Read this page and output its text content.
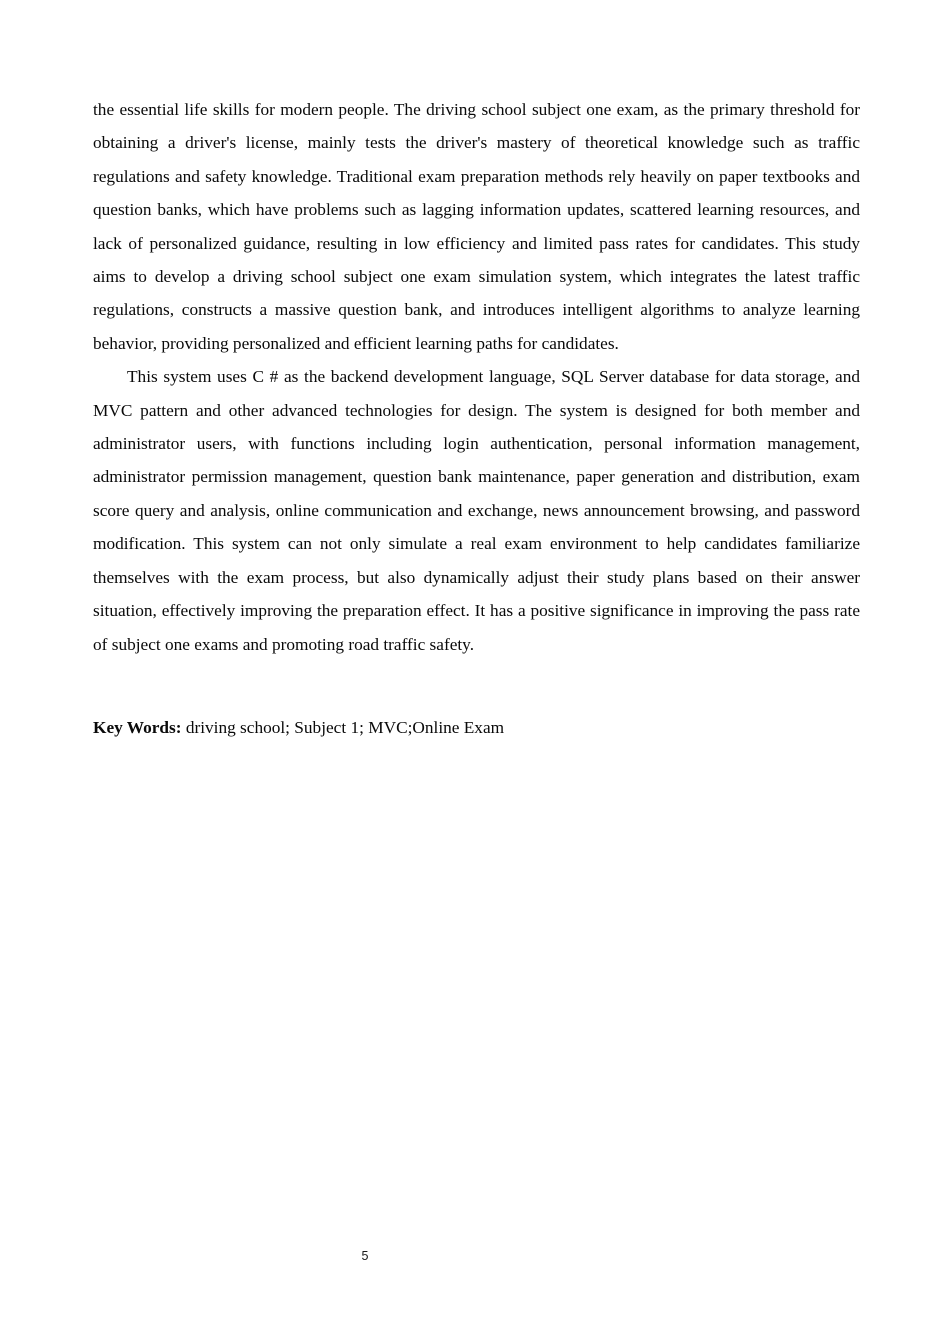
the essential life skills for modern people. The driving school subject one exam, as the primary threshold for obtaining a driver's license, mainly tests the driver's mastery of theoretical knowledge such as traffic regulations and safety knowledge. Traditional exam preparation methods rely heavily on paper textbooks and question banks, which have problems such as lagging information updates, scattered learning resources, and lack of personalized guidance, resulting in low efficiency and limited pass rates for candidates. This study aims to develop a driving school subject one exam simulation system, which integrates the latest traffic regulations, constructs a massive question bank, and introduces intelligent algorithms to analyze learning behavior, providing personalized and efficient learning paths for candidates.

This system uses C # as the backend development language, SQL Server database for data storage, and MVC pattern and other advanced technologies for design. The system is designed for both member and administrator users, with functions including login authentication, personal information management, administrator permission management, question bank maintenance, paper generation and distribution, exam score query and analysis, online communication and exchange, news announcement browsing, and password modification. This system can not only simulate a real exam environment to help candidates familiarize themselves with the exam process, but also dynamically adjust their study plans based on their answer situation, effectively improving the preparation effect. It has a positive significance in improving the pass rate of subject one exams and promoting road traffic safety.

Key Words: driving school; Subject 1; MVC;Online Exam
5
